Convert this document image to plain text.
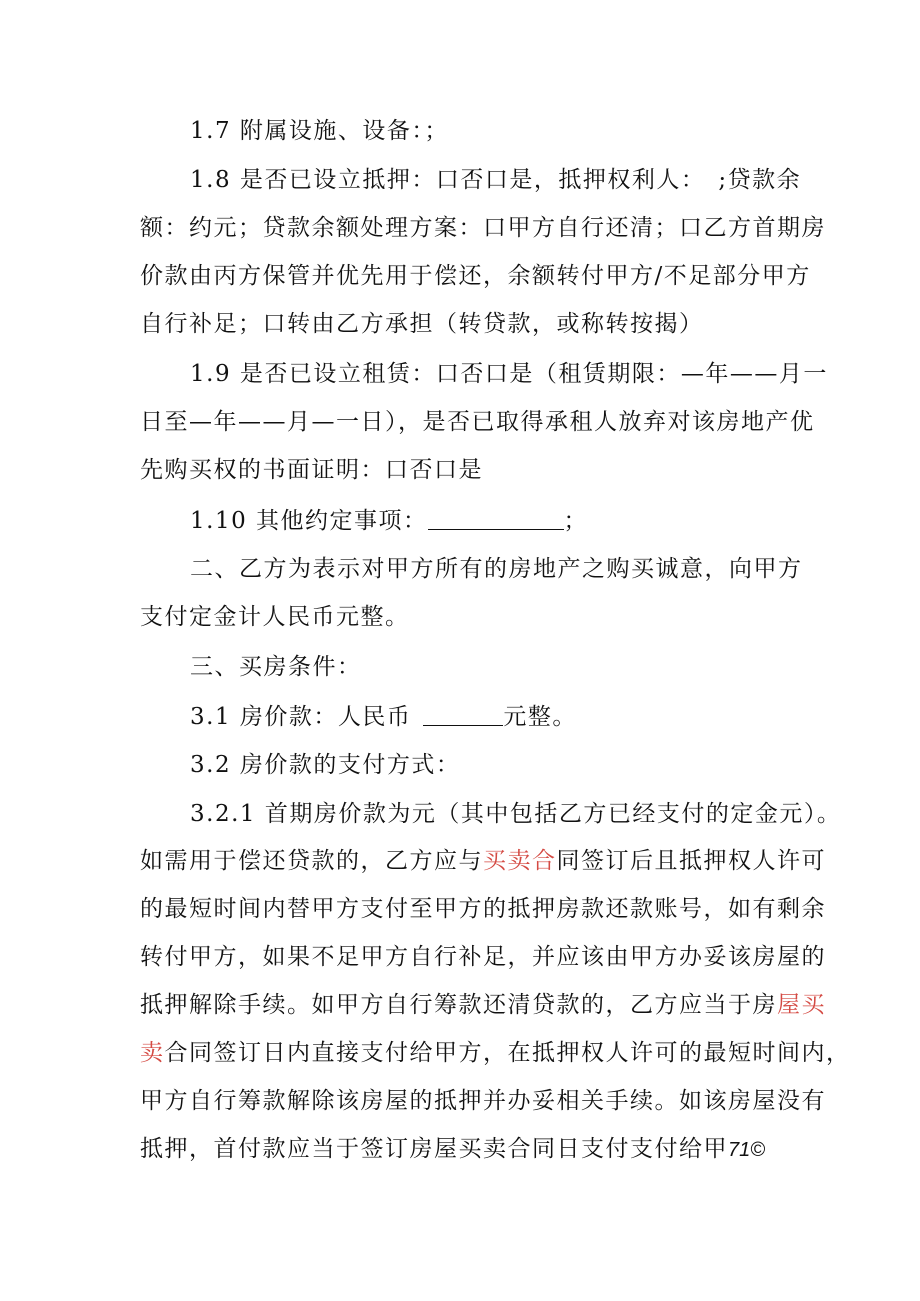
1.7 附属设施、设备：；
1.8 是否已设立抵押：口否口是，抵押权利人：　;贷款余
额：约元；贷款余额处理方案：口甲方自行还清；口乙方首期房
价款由丙方保管并优先用于偿还，余额转付甲方/不足部分甲方
自行补足；口转由乙方承担（转贷款，或称转按揭）
1.9 是否已设立租赁：口否口是（租赁期限：—年——月一
日至—年——月—一日），是否已取得承租人放弃对该房地产优
先购买权的书面证明：口否口是
1.10 其他约定事项：	；
二、乙方为表示对甲方所有的房地产之购买诚意，向甲方
支付定金计人民币元整。
三、买房条件：
3.1 房价款：人民币	元整。
3.2 房价款的支付方式：
3.2.1 首期房价款为元（其中包括乙方已经支付的定金元）。
如需用于偿还贷款的，乙方应与买卖合同签订后且抵押权人许可
的最短时间内替甲方支付至甲方的抵押房款还款账号，如有剩余
转付甲方，如果不足甲方自行补足，并应该由甲方办妥该房屋的
抵押解除手续。如甲方自行筹款还清贷款的，乙方应当于房屋买
卖合同签订日内直接支付给甲方，在抵押权人许可的最短时间内，
甲方自行筹款解除该房屋的抵押并办妥相关手续。如该房屋没有
抵押，首付款应当于签订房屋买卖合同日支付支付给甲71©
